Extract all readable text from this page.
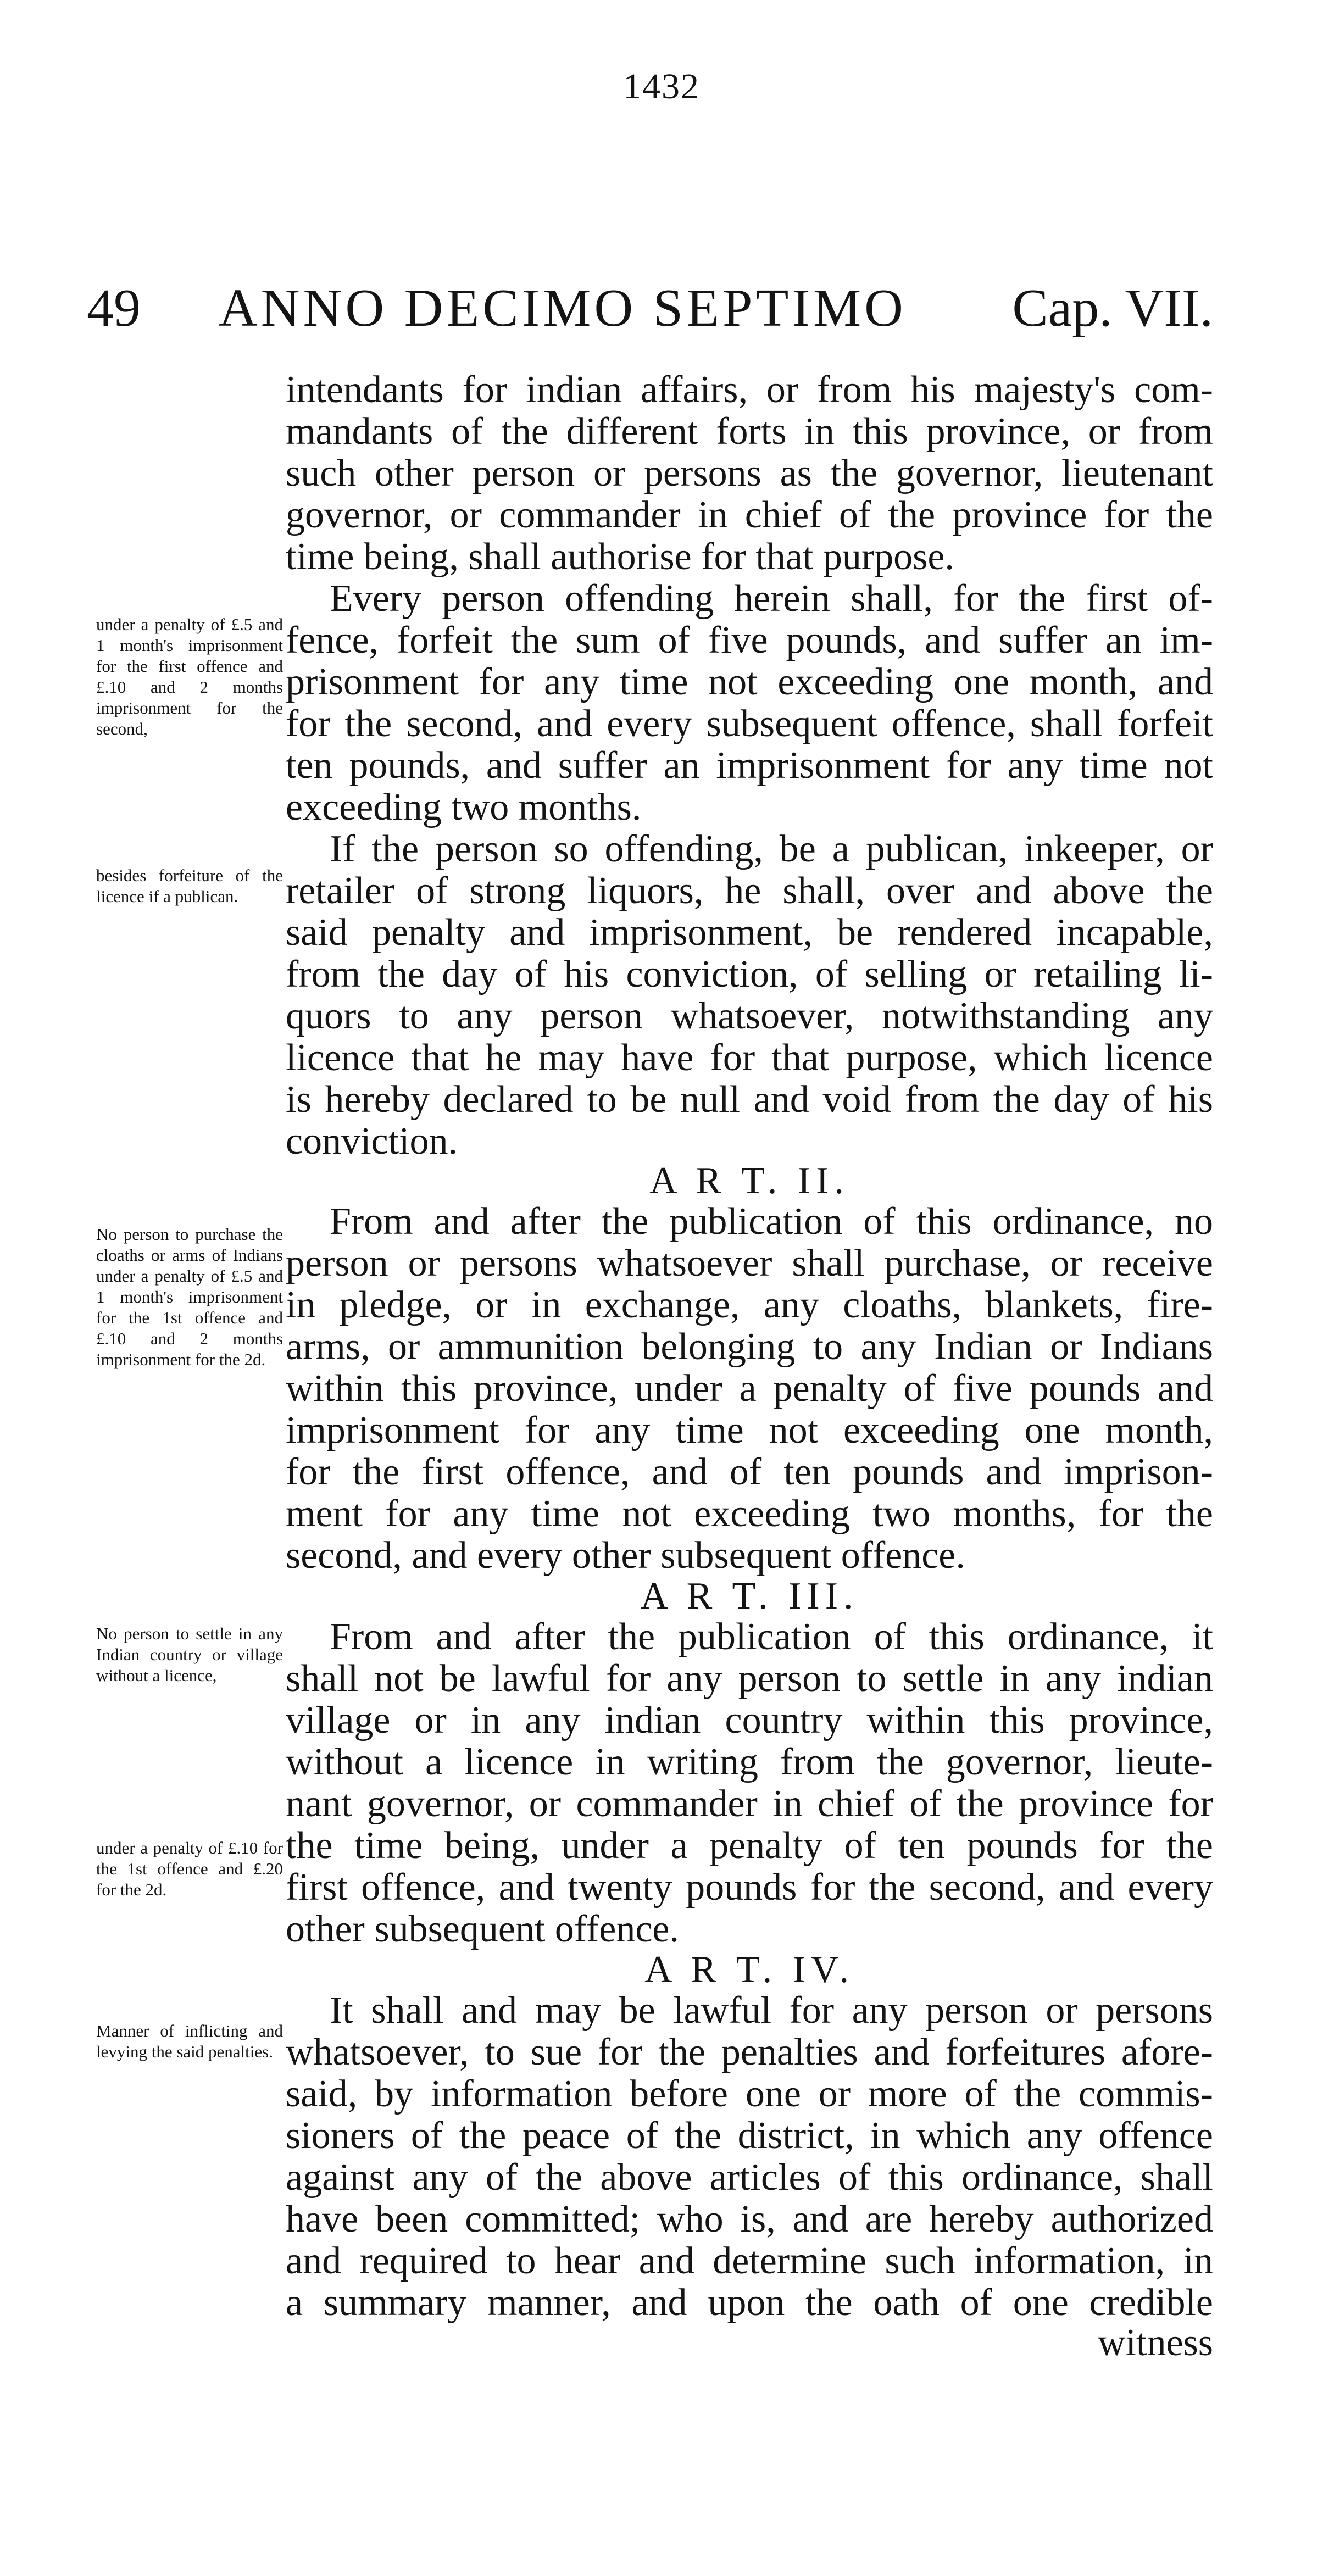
1432
49 ANNO DECIMO SEPTIMO Cap. VII.
under a penalty of £.5 and 1 month's imprisonment for the first offence and £.10 and 2 months imprisonment for the second,
besides forfeiture of the licence if a publican.
No person to purchase the cloaths or arms of Indians under a penalty of £.5 and 1 month's imprisonment for the 1st offence and £.10 and 2 months imprisonment for the 2d.
No person to settle in any Indian country or village without a licence,
under a penalty of £.10 for the 1st offence and £.20 for the 2d.
Manner of inflicting and levying the said penalties.
intendants for indian affairs, or from his majesty's com-
mandants of the different forts in this province, or from
such other person or persons as the governor, lieutenant
governor, or commander in chief of the province for the
time being, shall authorise for that purpose.
Every person offending herein shall, for the first of-
fence, forfeit the sum of five pounds, and suffer an im-
prisonment for any time not exceeding one month, and
for the second, and every subsequent offence, shall forfeit
ten pounds, and suffer an imprisonment for any time not
exceeding two months.
If the person so offending, be a publican, inkeeper, or
retailer of strong liquors, he shall, over and above the
said penalty and imprisonment, be rendered incapable,
from the day of his conviction, of selling or retailing li-
quors to any person whatsoever, notwithstanding any
licence that he may have for that purpose, which licence
is hereby declared to be null and void from the day of his
conviction.
A R T. II.
From and after the publication of this ordinance, no
person or persons whatsoever shall purchase, or receive
in pledge, or in exchange, any cloaths, blankets, fire-
arms, or ammunition belonging to any Indian or Indians
within this province, under a penalty of five pounds and
imprisonment for any time not exceeding one month,
for the first offence, and of ten pounds and imprison-
ment for any time not exceeding two months, for the
second, and every other subsequent offence.
A R T. III.
From and after the publication of this ordinance, it
shall not be lawful for any person to settle in any indian
village or in any indian country within this province,
without a licence in writing from the governor, lieute-
nant governor, or commander in chief of the province for
the time being, under a penalty of ten pounds for the
first offence, and twenty pounds for the second, and every
other subsequent offence.
A R T. IV.
It shall and may be lawful for any person or persons
whatsoever, to sue for the penalties and forfeitures afore-
said, by information before one or more of the commis-
sioners of the peace of the district, in which any offence
against any of the above articles of this ordinance, shall
have been committed; who is, and are hereby authorized
and required to hear and determine such information, in
a summary manner, and upon the oath of one credible
witness
